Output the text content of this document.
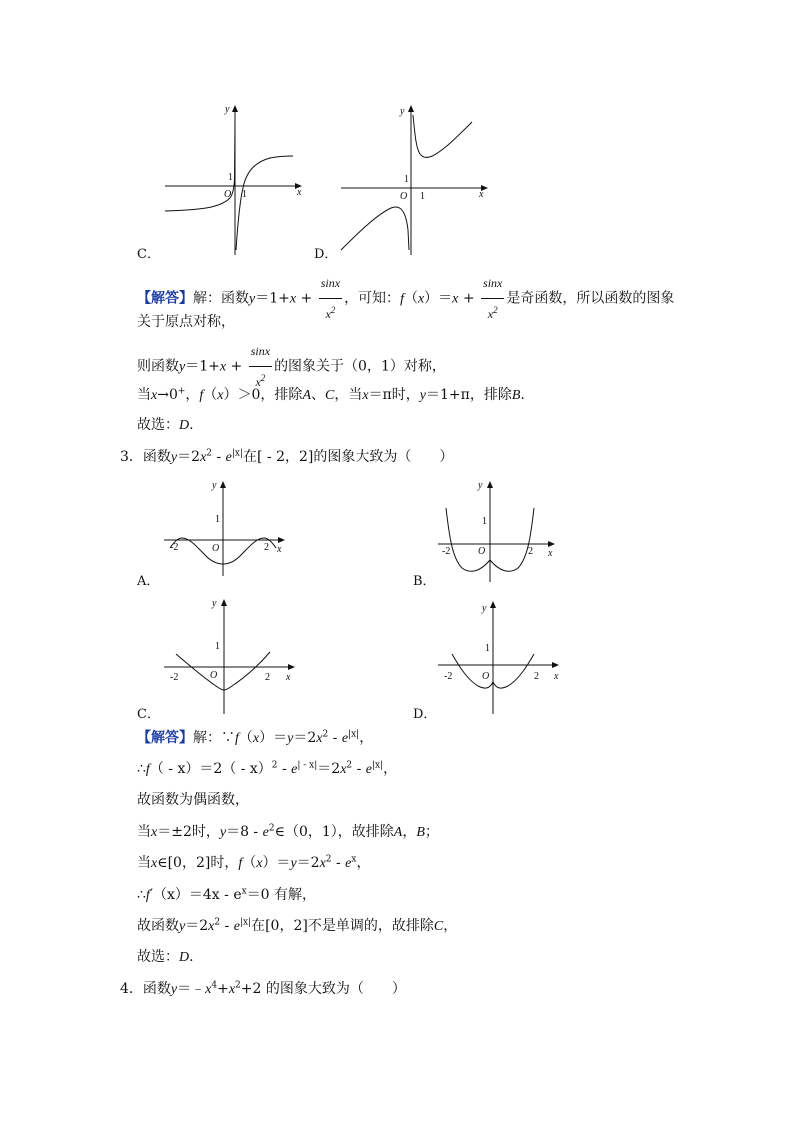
y
x
O 1
1
C．
y
x
O 1
1
D．
【解答】解：函数$y=1+x + \frac{\sin x}{x^2}$ ，可知：$f(x)=x + \frac{\sin x}{x^2}$ 是奇函数，所以函数的图象
关于原点对称，
则函数$y=1+x + \frac{\sin x}{x^2}$ 的图象关于（0，1）对称，
当x→0+，f（x）＞0，排除A、C，当x＝π时，y＝1+π，排除B.
故选：D.
3．函数$y=2x^2 - e^{|x|}$在[ - 2，2]的图象大致为（　　）
y
x
O
1
-2	2
A．
y
x
O
1
-2	2
B．
y
x
O
1
-2	2
C．
y
x
O
1
-2	2
D．
【解答】解：$\because f(x)=y=2x^2 - e^{|x|}$，
∴f（ - $x)=2( - x)^2 - e^{| - x|}=2x^2 - e^{|x|}$，
故函数为偶函数，
当x＝±2时，$y=8 - e^2\in(0$，1），故排除A，B；
当x∈[0，2]时，$f(x)=y=2x^2 - e^x$，
∴f′（x）＝4x - $e^x=0$ 有解，
故函数$y=2x^2 - e^{|x|}$在[0，2]不是单调的，故排除C，
故选：D.
4．函数$y=﹣x^4+x^2+2$ 的图象大致为（　　）
